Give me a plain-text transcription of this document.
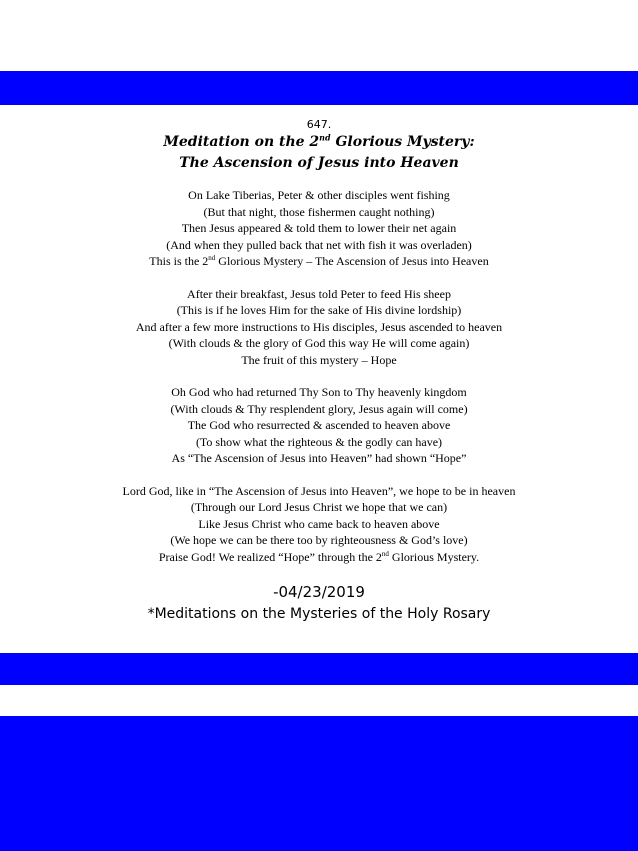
647.
Meditation on the 2nd Glorious Mystery:
The Ascension of Jesus into Heaven
On Lake Tiberias, Peter & other disciples went fishing
(But that night, those fishermen caught nothing)
Then Jesus appeared & told them to lower their net again
(And when they pulled back that net with fish it was overladen)
This is the 2nd Glorious Mystery – The Ascension of Jesus into Heaven
After their breakfast, Jesus told Peter to feed His sheep
(This is if he loves Him for the sake of His divine lordship)
And after a few more instructions to His disciples, Jesus ascended to heaven
(With clouds & the glory of God this way He will come again)
The fruit of this mystery – Hope
Oh God who had returned Thy Son to Thy heavenly kingdom
(With clouds & Thy resplendent glory, Jesus again will come)
The God who resurrected & ascended to heaven above
(To show what the righteous & the godly can have)
As “The Ascension of Jesus into Heaven” had shown “Hope”
Lord God, like in “The Ascension of Jesus into Heaven”, we hope to be in heaven
(Through our Lord Jesus Christ we hope that we can)
Like Jesus Christ who came back to heaven above
(We hope we can be there too by righteousness & God’s love)
Praise God! We realized “Hope” through the 2nd Glorious Mystery.
-04/23/2019
*Meditations on the Mysteries of the Holy Rosary
